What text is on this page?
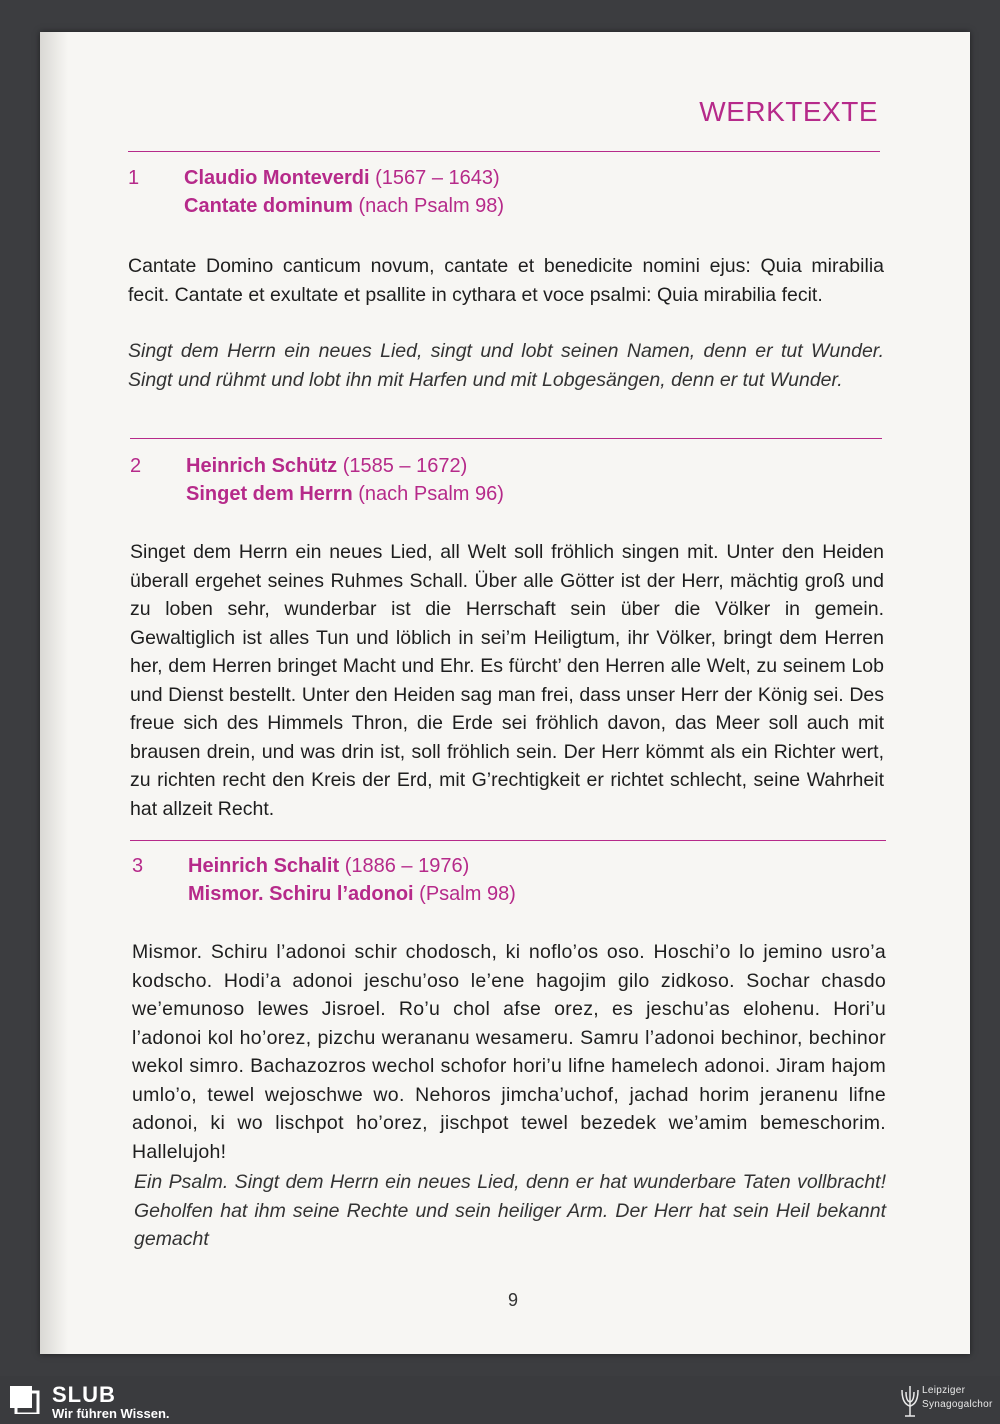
WERKTEXTE
1 Claudio Monteverdi (1567 – 1643)
Cantate dominum (nach Psalm 98)
Cantate Domino canticum novum, cantate et benedicite nomini ejus: Quia mirabilia fecit. Cantate et exultate et psallite in cythara et voce psalmi: Quia mirabilia fecit.
Singt dem Herrn ein neues Lied, singt und lobt seinen Namen, denn er tut Wunder. Singt und rühmt und lobt ihn mit Harfen und mit Lobgesängen, denn er tut Wunder.
2 Heinrich Schütz (1585 – 1672)
Singet dem Herrn (nach Psalm 96)
Singet dem Herrn ein neues Lied, all Welt soll fröhlich singen mit. Unter den Heiden überall ergehet seines Ruhmes Schall. Über alle Götter ist der Herr, mächtig groß und zu loben sehr, wunderbar ist die Herrschaft sein über die Völker in gemein. Gewaltiglich ist alles Tun und löblich in sei’m Heiligtum, ihr Völker, bringt dem Herren her, dem Herren bringet Macht und Ehr. Es fürcht’ den Herren alle Welt, zu seinem Lob und Dienst bestellt. Unter den Heiden sag man frei, dass unser Herr der König sei. Des freue sich des Himmels Thron, die Erde sei fröhlich davon, das Meer soll auch mit brausen drein, und was drin ist, soll fröhlich sein. Der Herr kömmt als ein Richter wert, zu richten recht den Kreis der Erd, mit G’rechtigkeit er richtet schlecht, seine Wahrheit hat allzeit Recht.
3 Heinrich Schalit (1886 – 1976)
Mismor. Schiru l’adonoi (Psalm 98)
Mismor. Schiru l’adonoi schir chodosch, ki noflo’os oso. Hoschi’o lo jemino usro’a kodscho. Hodi’a adonoi jeschu’oso le’ene hagojim gilo zidkoso. Sochar chasdo we’emunoso lewes Jisroel. Ro’u chol afse orez, es jeschu’as elohenu. Hori’u l’adonoi kol ho’orez, pizchu werananu wesameru. Samru l’adonoi bechinor, bechinor wekol simro. Bachazozros wechol schofor hori’u lifne hamelech adonoi. Jiram hajom umlo’o, tewel wejoschwe wo. Nehoros jimcha’uchof, jachad horim jeranenu lifne adonoi, ki wo lischpot ho’orez, jischpot tewel bezedek we’amim bemeschorim. Hallelujoh!
Ein Psalm. Singt dem Herrn ein neues Lied, denn er hat wunderbare Taten vollbracht! Geholfen hat ihm seine Rechte und sein heiliger Arm. Der Herr hat sein Heil bekannt gemacht
9
SLUB
Wir führen Wissen.
Leipziger
Synagogalchor
